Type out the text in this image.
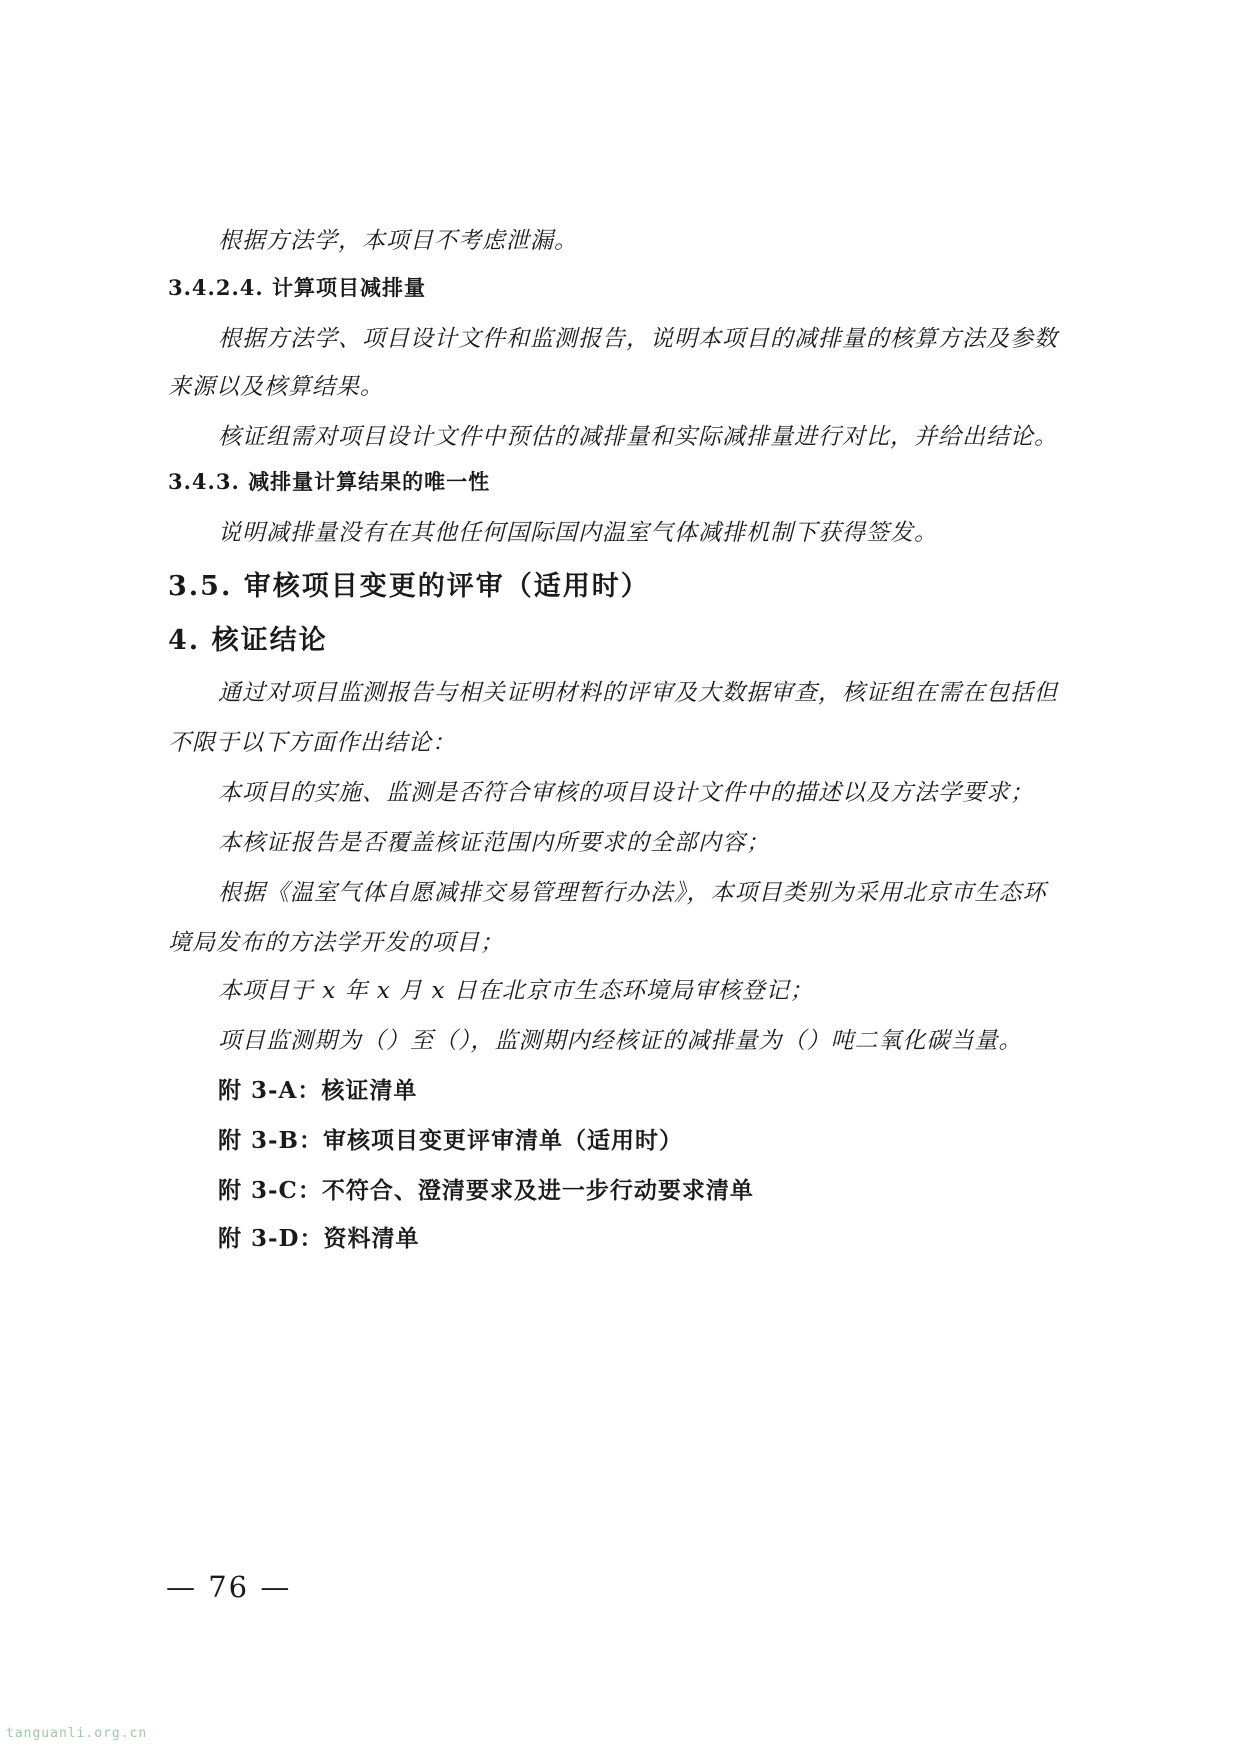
根据方法学，本项目不考虑泄漏。
3.4.2.4. 计算项目减排量
根据方法学、项目设计文件和监测报告，说明本项目的减排量的核算方法及参数
来源以及核算结果。
核证组需对项目设计文件中预估的减排量和实际减排量进行对比，并给出结论。
3.4.3. 减排量计算结果的唯一性
说明减排量没有在其他任何国际国内温室气体减排机制下获得签发。
3.5. 审核项目变更的评审（适用时）
4. 核证结论
通过对项目监测报告与相关证明材料的评审及大数据审查，核证组在需在包括但
不限于以下方面作出结论：
本项目的实施、监测是否符合审核的项目设计文件中的描述以及方法学要求；
本核证报告是否覆盖核证范围内所要求的全部内容；
根据《温室气体自愿减排交易管理暂行办法》，本项目类别为采用北京市生态环
境局发布的方法学开发的项目；
本项目于 x 年 x 月 x 日在北京市生态环境局审核登记；
项目监测期为（）至（），监测期内经核证的减排量为（）吨二氧化碳当量。
附 3-A：核证清单
附 3-B：审核项目变更评审清单（适用时）
附 3-C：不符合、澄清要求及进一步行动要求清单
附 3-D：资料清单
— 76 —
tanguanli.org.cn
